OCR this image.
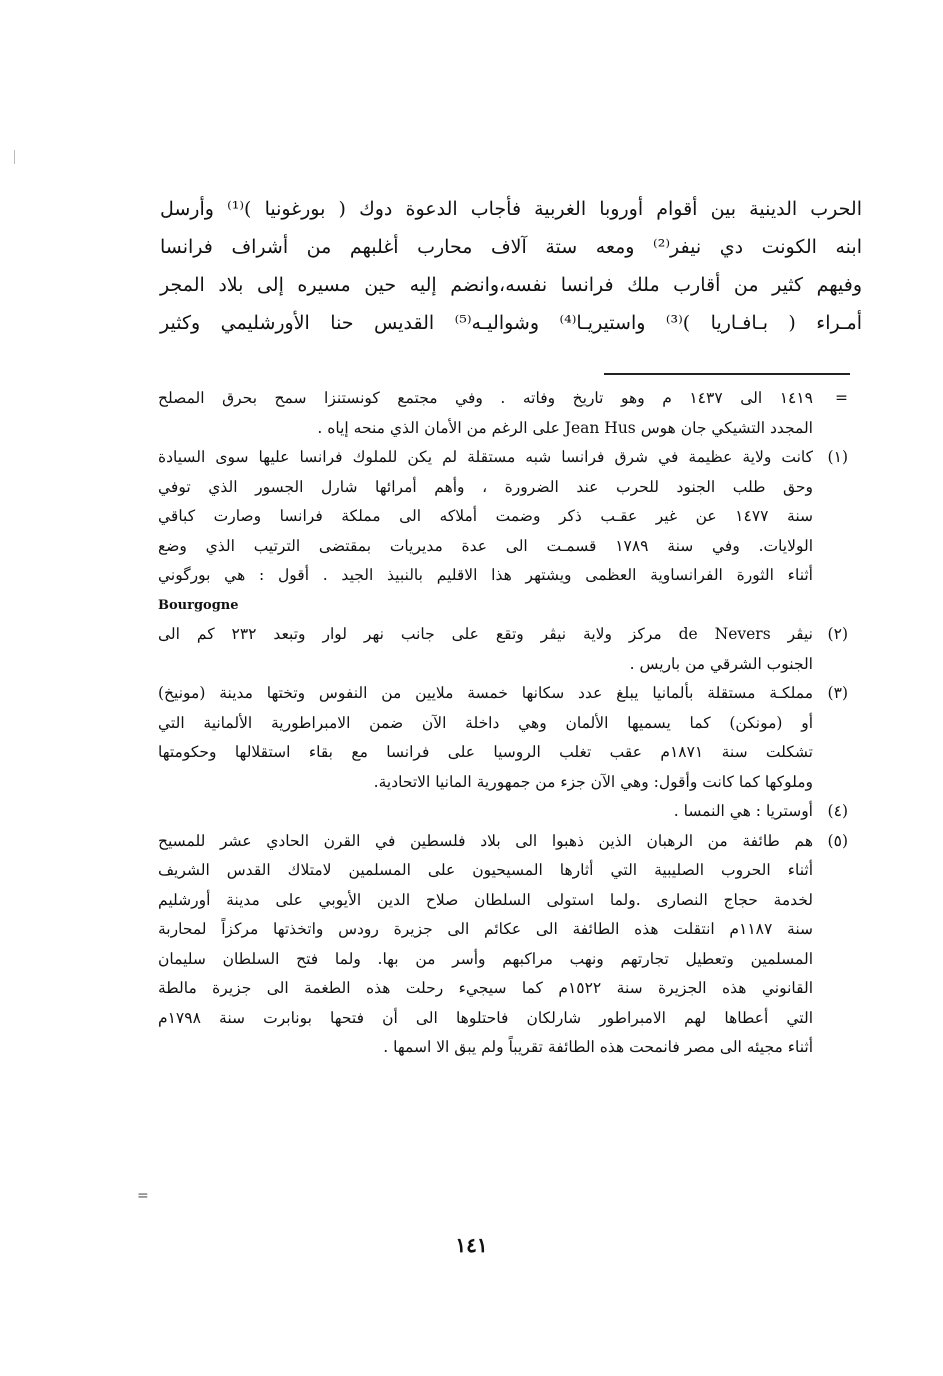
الحرب الدينية بين أقوام أوروبا الغربية فأجاب الدعوة دوك ( بورغونيا )⁽¹⁾ وأرسل
ابنه الكونت دي نيفر⁽²⁾ ومعه ستة آلاف محارب أغلبهم من أشراف فرانسا
وفيهم كثير من أقارب ملك فرانسا نفسه،وانضم إليه حين مسيره إلى بلاد المجر
أمـراء ( بـافـاريا )⁽³⁾ واستيريـا⁽⁴⁾ وشواليـه⁽⁵⁾ القديس حنا الأورشليمي وكثير
=
١٤١٩ الى ١٤٣٧ م وهو تاريخ وفاته . وفي مجتمع كونستنزا سمح بحرق المصلح
المجدد التشيكي جان هوس Jean Hus على الرغم من الأمان الذي منحه إياه .
(١)
كانت ولاية عظيمة في شرق فرانسا شبه مستقلة لم يكن للملوك فرانسا عليها سوى السيادة
وحق طلب الجنود للحرب عند الضرورة ، وأهم أمرائها شارل الجسور الذي توفي
سنة ١٤٧٧ عن غير عقـب ذكر وضمت أملاكه الى مملكة فرانسا وصارت كباقي
الولايات. وفي سنة ١٧٨٩ قسمـت الى عدة مديريات بمقتضى الترتيب الذي وضع
أثناء الثورة الفرانساوية العظمى ويشتهر هذا الاقليم بالنبيذ الجيد . أقول : هي بورگوني
Bourgogne
(٢)
نيڤر de Nevers مركز ولاية نيڤر وتقع على جانب نهر لوار وتبعد ٢٣٢ كم الى
الجنوب الشرقي من باريس .
(٣)
مملكـة مستقلة بألمانيا يبلغ عدد سكانها خمسة ملايين من النفوس وتختها مدينة (مونيخ)
أو (مونكن) كما يسميها الألمان وهي داخلة الآن ضمن الامبراطورية الألمانية التي
تشكلت سنة ١٨٧١م عقب تغلب الروسيا على فرانسا مع بقاء استقلالها وحكومتها
وملوكها كما كانت وأقول: وهي الآن جزء من جمهورية المانيا الاتحادية.
(٤)
أوستريا : هي النمسا .
(٥)
هم طائفة من الرهبان الذين ذهبوا الى بلاد فلسطين في القرن الحادي عشر للمسيح
أثناء الحروب الصليبية التي أثارها المسيحيون على المسلمين لامتلاك القدس الشريف
لخدمة حجاج النصارى .ولما استولى السلطان صلاح الدين الأيوبي على مدينة أورشليم
سنة ١١٨٧م انتقلت هذه الطائفة الى عكائم الى جزيرة رودس واتخذتها مركزاً لمحاربة
المسلمين وتعطيل تجارتهم ونهب مراكبهم وأسر من بها. ولما فتح السلطان سليمان
القانوني هذه الجزيرة سنة ١٥٢٢م كما سيجيء رحلت هذه الطغمة الى جزيرة مالطة
التي أعطاها لهم الامبراطور شارلكان فاحتلوها الى أن فتحها بونابرت سنة ١٧٩٨م
أثناء مجيئه الى مصر فانمحت هذه الطائفة تقريباً ولم يبق الا اسمها .
=
١٤١
